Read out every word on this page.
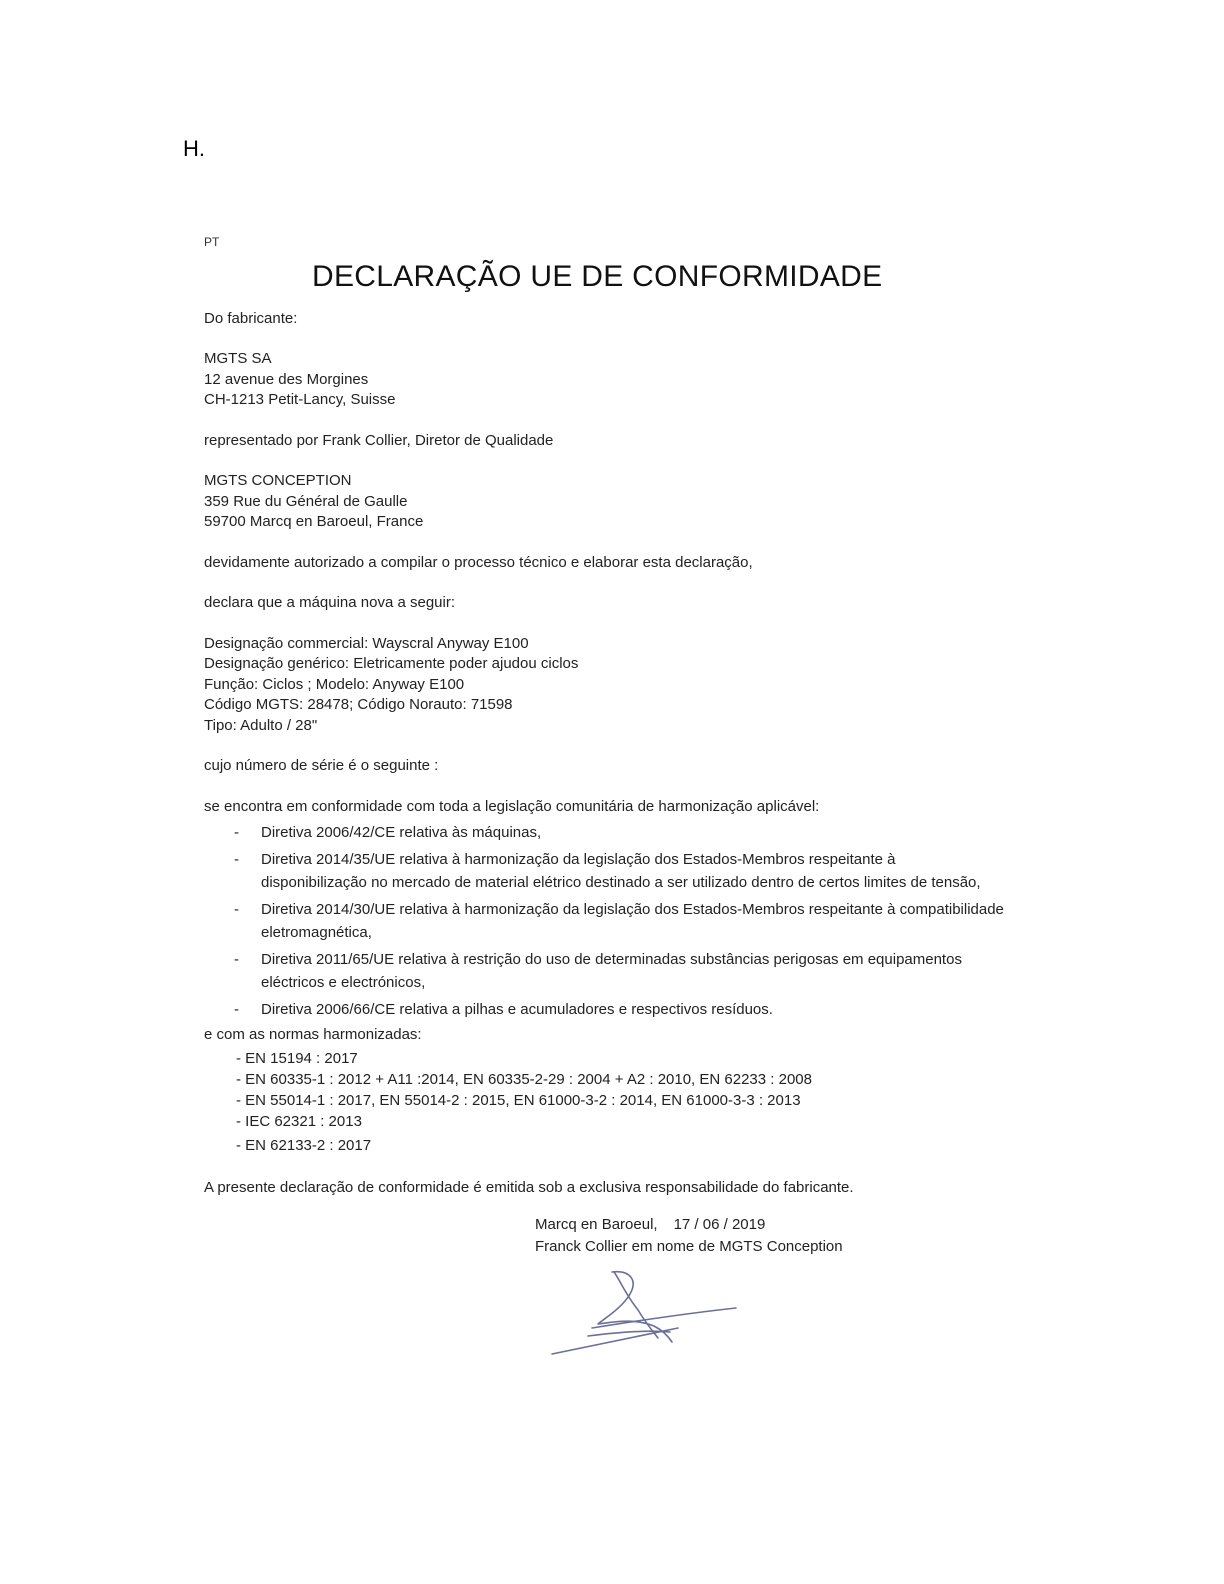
H.
PT
DECLARAÇÃO UE DE CONFORMIDADE
Do fabricante:
MGTS SA
12 avenue des Morgines
CH-1213 Petit-Lancy, Suisse
representado por Frank Collier, Diretor de Qualidade
MGTS CONCEPTION
359 Rue du Général de Gaulle
59700 Marcq en Baroeul, France
devidamente autorizado a compilar o processo técnico e elaborar esta declaração,
declara que a máquina nova a seguir:
Designação commercial: Wayscral Anyway E100
Designação genérico: Eletricamente poder ajudou ciclos
Função: Ciclos ; Modelo: Anyway E100
Código MGTS: 28478; Código Norauto: 71598
Tipo: Adulto / 28"
cujo número de série é o seguinte :
se encontra em conformidade com toda a legislação comunitária de harmonização aplicável:
- Diretiva 2006/42/CE relativa às máquinas,
- Diretiva 2014/35/UE relativa à harmonização da legislação dos Estados-Membros respeitante à disponibilização no mercado de material elétrico destinado a ser utilizado dentro de certos limites de tensão,
- Diretiva 2014/30/UE relativa à harmonização da legislação dos Estados-Membros respeitante à compatibilidade eletromagnética,
- Diretiva 2011/65/UE relativa à restrição do uso de determinadas substâncias perigosas em equipamentos eléctricos e electrónicos,
- Diretiva 2006/66/CE relativa a pilhas e acumuladores e respectivos resíduos.
e com as normas harmonizadas:
- EN 15194 : 2017
- EN 60335-1 : 2012 + A11 :2014, EN 60335-2-29 : 2004 + A2 : 2010, EN 62233 : 2008
- EN 55014-1 : 2017, EN 55014-2 : 2015, EN 61000-3-2 : 2014, EN 61000-3-3 : 2013
- IEC 62321 : 2013
- EN 62133-2 : 2017
A presente declaração de conformidade é emitida sob a exclusiva responsabilidade do fabricante.
Marcq en Baroeul, 17 / 06 / 2019
Franck Collier em nome de MGTS Conception
